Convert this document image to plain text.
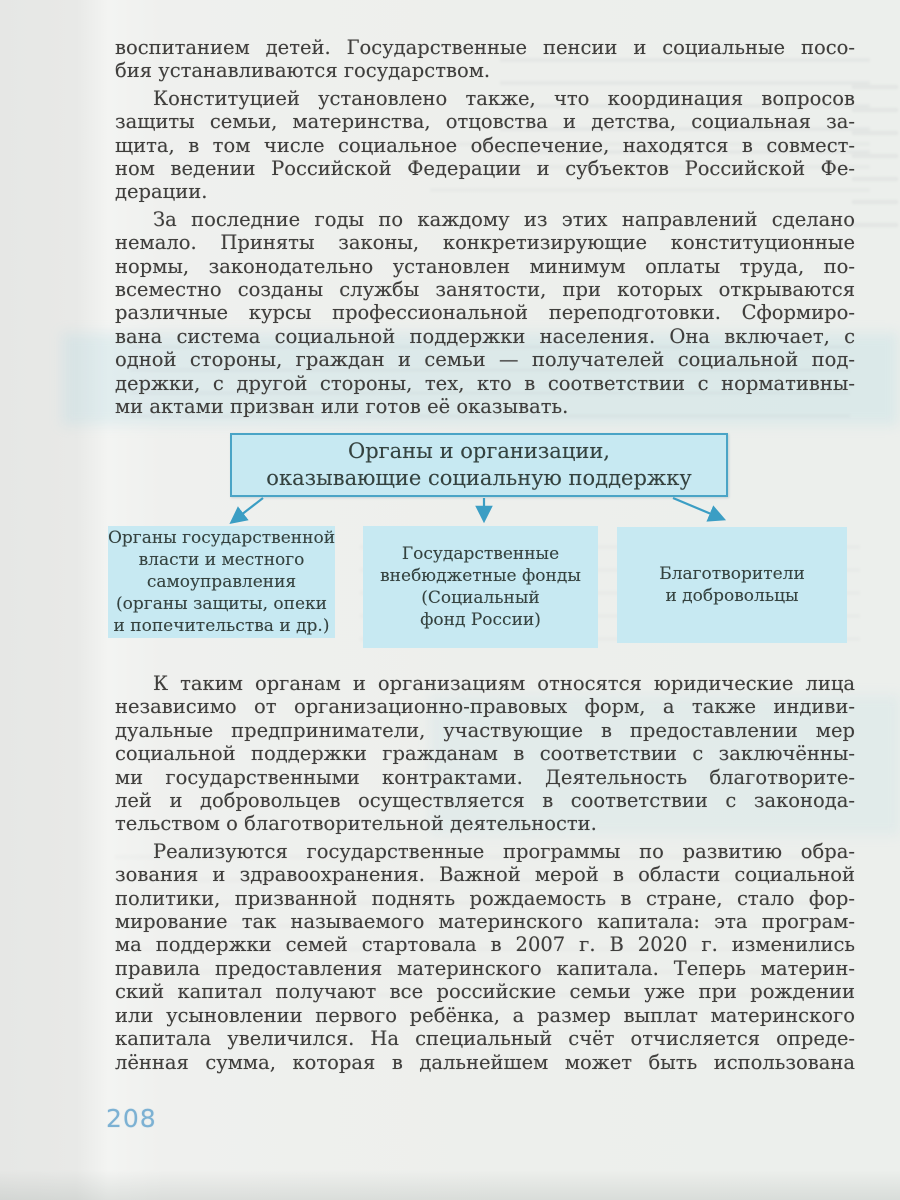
воспитанием детей. Государственные пенсии и социальные посо-
бия устанавливаются государством.
Конституцией установлено также, что координация вопросов
защиты семьи, материнства, отцовства и детства, социальная за-
щита, в том числе социальное обеспечение, находятся в совмест-
ном ведении Российской Федерации и субъектов Российской Фе-
дерации.
За последние годы по каждому из этих направлений сделано
немало. Приняты законы, конкретизирующие конституционные
нормы, законодательно установлен минимум оплаты труда, по-
всеместно созданы службы занятости, при которых открываются
различные курсы профессиональной переподготовки. Сформиро-
вана система социальной поддержки населения. Она включает, с
одной стороны, граждан и семьи — получателей социальной под-
держки, с другой стороны, тех, кто в соответствии с нормативны-
ми актами призван или готов её оказывать.
Органы и организации,
оказывающие социальную поддержку
Органы государственной
власти и местного
самоуправления
(органы защиты, опеки
и попечительства и др.)
Государственные
внебюджетные фонды
(Социальный
фонд России)
Благотворители
и добровольцы
К таким органам и организациям относятся юридические лица
независимо от организационно-правовых форм, а также индиви-
дуальные предприниматели, участвующие в предоставлении мер
социальной поддержки гражданам в соответствии с заключённы-
ми государственными контрактами. Деятельность благотворите-
лей и добровольцев осуществляется в соответствии с законода-
тельством о благотворительной деятельности.
Реализуются государственные программы по развитию обра-
зования и здравоохранения. Важной мерой в области социальной
политики, призванной поднять рождаемость в стране, стало фор-
мирование так называемого материнского капитала: эта програм-
ма поддержки семей стартовала в 2007 г. В 2020 г. изменились
правила предоставления материнского капитала. Теперь материн-
ский капитал получают все российские семьи уже при рождении
или усыновлении первого ребёнка, а размер выплат материнского
капитала увеличился. На специальный счёт отчисляется опреде-
лённая сумма, которая в дальнейшем может быть использована
208
